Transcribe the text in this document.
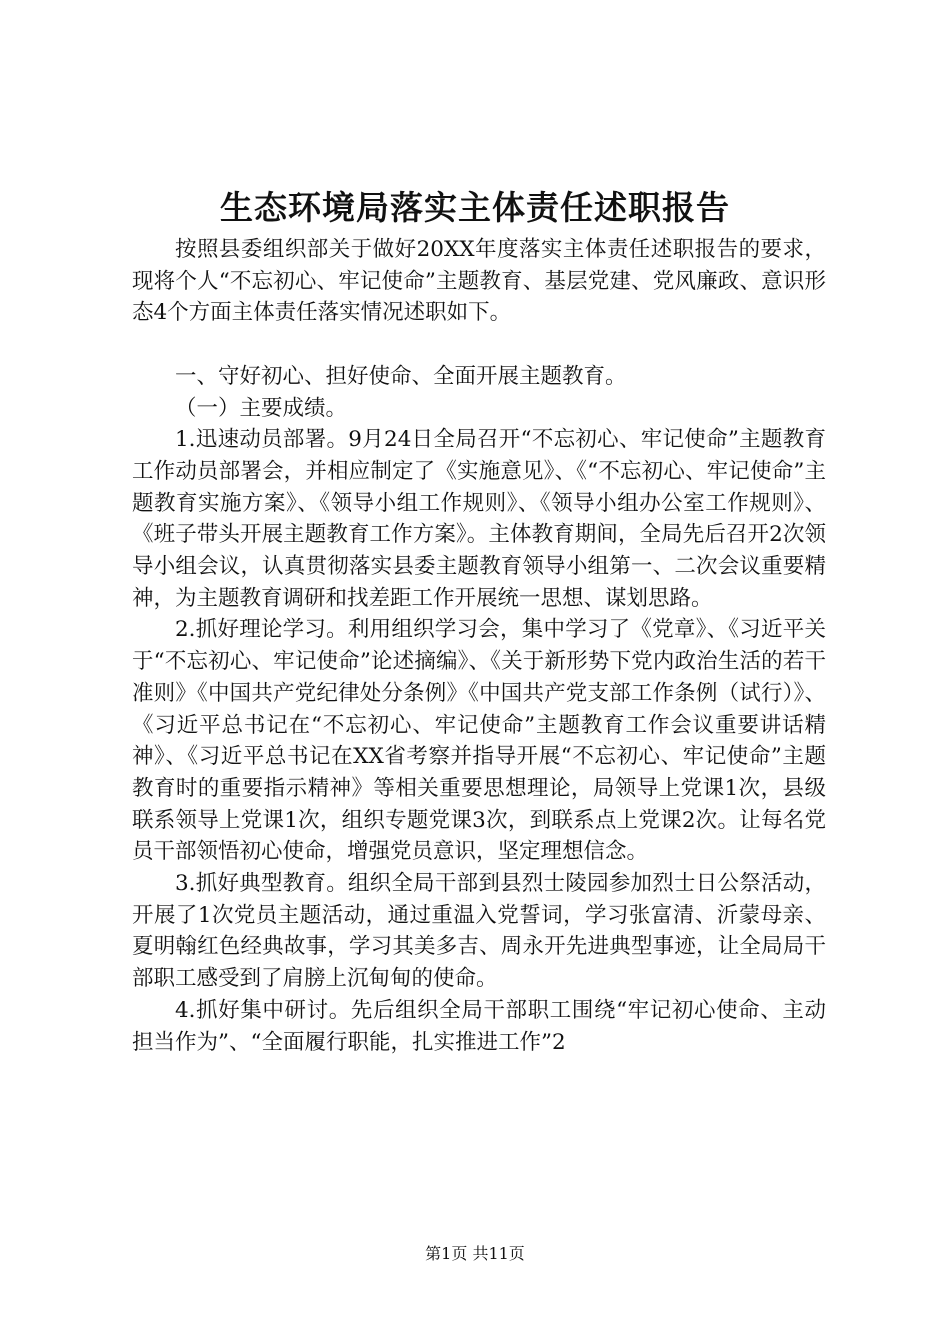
生态环境局落实主体责任述职报告

按照县委组织部关于做好20XX年度落实主体责任述职报告的要求，现将个人“不忘初心、牢记使命”主题教育、基层党建、党风廉政、意识形态4个方面主体责任落实情况述职如下。

一、守好初心、担好使命、全面开展主题教育。

（一）主要成绩。

1.迅速动员部署。9月24日全局召开“不忘初心、牢记使命”主题教育工作动员部署会，并相应制定了《实施意见》、《“不忘初心、牢记使命”主题教育实施方案》、《领导小组工作规则》、《领导小组办公室工作规则》、《班子带头开展主题教育工作方案》。主体教育期间，全局先后召开2次领导小组会议，认真贯彻落实县委主题教育领导小组第一、二次会议重要精神，为主题教育调研和找差距工作开展统一思想、谋划思路。

2.抓好理论学习。利用组织学习会，集中学习了《党章》、《习近平关于“不忘初心、牢记使命”论述摘编》、《关于新形势下党内政治生活的若干准则》《中国共产党纪律处分条例》《中国共产党支部工作条例（试行）》、《习近平总书记在“不忘初心、牢记使命”主题教育工作会议重要讲话精神》、《习近平总书记在XX省考察并指导开展“不忘初心、牢记使命”主题教育时的重要指示精神》等相关重要思想理论，局领导上党课1次，县级联系领导上党课1次，组织专题党课3次，到联系点上党课2次。让每名党员干部领悟初心使命，增强党员意识，坚定理想信念。

3.抓好典型教育。组织全局干部到县烈士陵园参加烈士日公祭活动，开展了1次党员主题活动，通过重温入党誓词，学习张富清、沂蒙母亲、夏明翰红色经典故事，学习其美多吉、周永开先进典型事迹，让全局局干部职工感受到了肩膀上沉甸甸的使命。

4.抓好集中研讨。先后组织全局干部职工围绕“牢记初心使命、主动担当作为”、“全面履行职能，扎实推进工作”2

第1页 共11页
